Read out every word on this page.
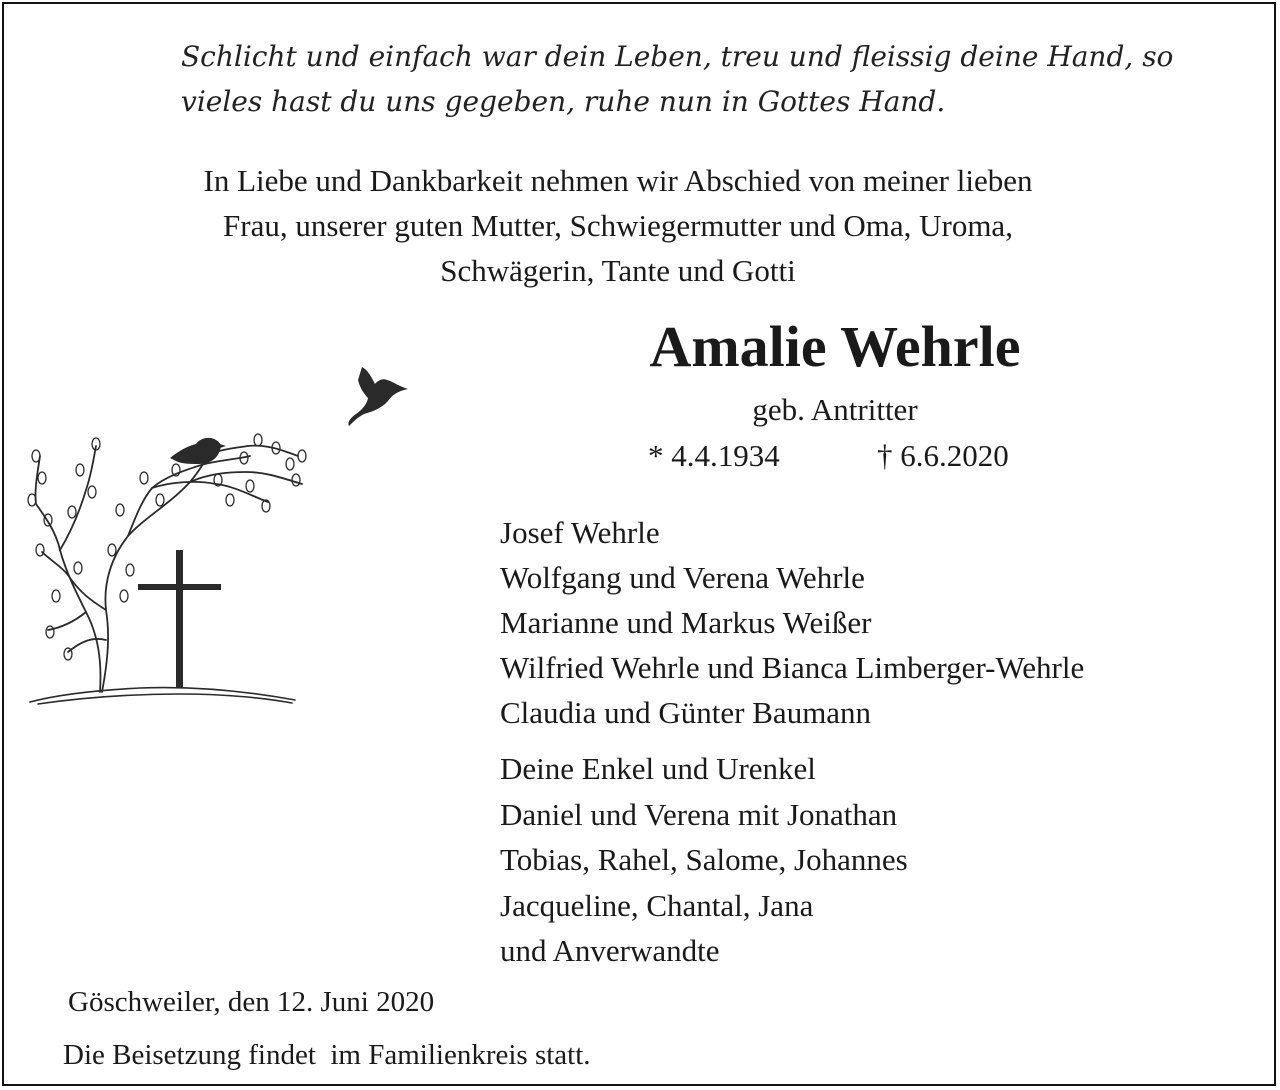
Schlicht und einfach war dein Leben, treu und fleissig deine Hand, so
vieles hast du uns gegeben, ruhe nun in Gottes Hand.
In Liebe und Dankbarkeit nehmen wir Abschied von meiner lieben
Frau, unserer guten Mutter, Schwiegermutter und Oma, Uroma,
Schwägerin, Tante und Gotti
Amalie Wehrle
geb. Antritter
* 4.4.1934	† 6.6.2020
Josef Wehrle
Wolfgang und Verena Wehrle
Marianne und Markus Weißer
Wilfried Wehrle und Bianca Limberger-Wehrle
Claudia und Günter Baumann
Deine Enkel und Urenkel
Daniel und Verena mit Jonathan
Tobias, Rahel, Salome, Johannes
Jacqueline, Chantal, Jana
und Anverwandte
Göschweiler, den 12. Juni 2020
Die Beisetzung findet  im Familienkreis statt.
